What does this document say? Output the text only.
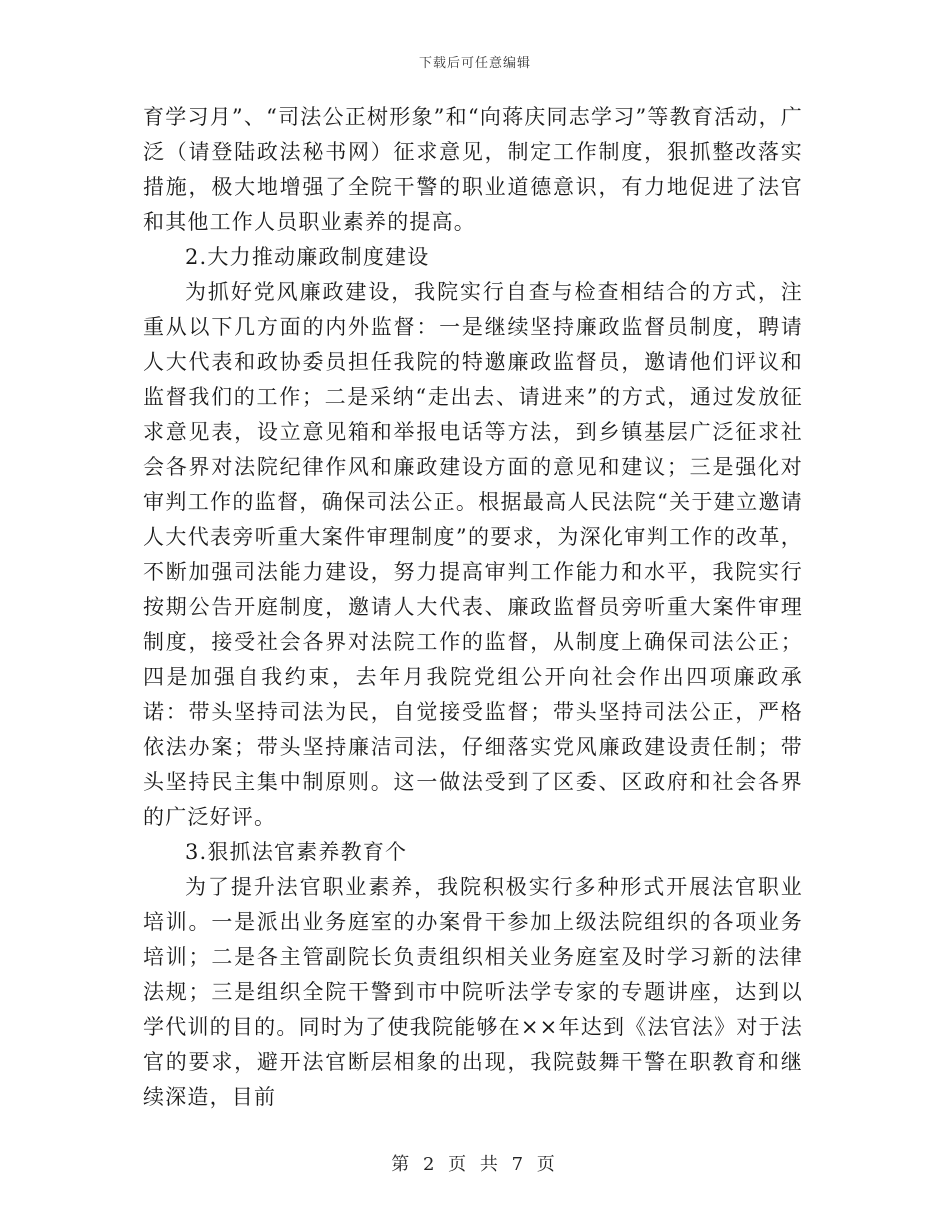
下载后可任意编辑

育学习月”、“司法公正树形象”和“向蒋庆同志学习”等教育活动，广泛（请登陆政法秘书网）征求意见，制定工作制度，狠抓整改落实措施，极大地增强了全院干警的职业道德意识，有力地促进了法官和其他工作人员职业素养的提高。

2.大力推动廉政制度建设

为抓好党风廉政建设，我院实行自查与检查相结合的方式，注重从以下几方面的内外监督：一是继续坚持廉政监督员制度，聘请人大代表和政协委员担任我院的特邀廉政监督员，邀请他们评议和监督我们的工作；二是采纳“走出去、请进来”的方式，通过发放征求意见表，设立意见箱和举报电话等方法，到乡镇基层广泛征求社会各界对法院纪律作风和廉政建设方面的意见和建议；三是强化对审判工作的监督，确保司法公正。根据最高人民法院“关于建立邀请人大代表旁听重大案件审理制度”的要求，为深化审判工作的改革，不断加强司法能力建设，努力提高审判工作能力和水平，我院实行按期公告开庭制度，邀请人大代表、廉政监督员旁听重大案件审理制度，接受社会各界对法院工作的监督，从制度上确保司法公正；四是加强自我约束，去年月我院党组公开向社会作出四项廉政承诺：带头坚持司法为民，自觉接受监督；带头坚持司法公正，严格依法办案；带头坚持廉洁司法，仔细落实党风廉政建设责任制；带头坚持民主集中制原则。这一做法受到了区委、区政府和社会各界的广泛好评。

3.狠抓法官素养教育个

为了提升法官职业素养，我院积极实行多种形式开展法官职业培训。一是派出业务庭室的办案骨干参加上级法院组织的各项业务培训；二是各主管副院长负责组织相关业务庭室及时学习新的法律法规；三是组织全院干警到市中院听法学专家的专题讲座，达到以学代训的目的。同时为了使我院能够在××年达到《法官法》对于法官的要求，避开法官断层相象的出现，我院鼓舞干警在职教育和继续深造，目前

第 2 页 共 7 页
